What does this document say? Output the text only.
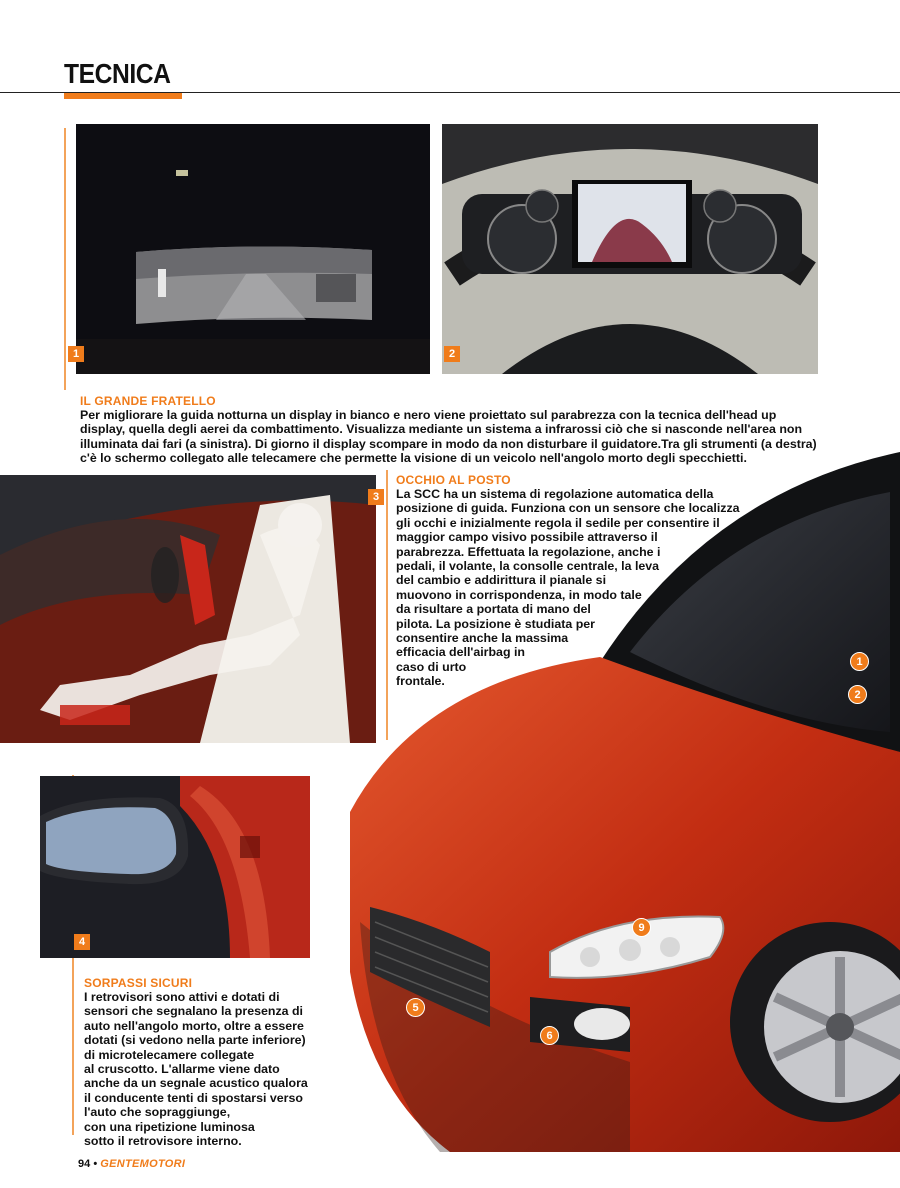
TECNICA
1	2
IL GRANDE FRATELLO
Per migliorare la guida notturna un display in bianco e nero viene proiettato sul parabrezza con la tecnica dell'head up
display, quella degli aerei da combattimento. Visualizza mediante un sistema a infrarossi ciò che si nasconde nell'area non
illuminata dai fari (a sinistra). Di giorno il display scompare in modo da non disturbare il guidatore.Tra gli strumenti (a destra)
c'è lo schermo collegato alle telecamere che permette la visione di un veicolo nell'angolo morto degli specchietti.
3
OCCHIO AL POSTO
La SCC ha un sistema di regolazione automatica della
posizione di guida. Funziona con un sensore che localizza
gli occhi e inizialmente regola il sedile per consentire il
maggior campo visivo possibile attraverso il
parabrezza. Effettuata la regolazione, anche i
pedali, il volante, la consolle centrale, la leva
del cambio e addirittura il pianale si
muovono in corrispondenza, in modo tale
da risultare a portata di mano del
pilota. La posizione è studiata per
consentire anche la massima
efficacia dell'airbag in
caso di urto
frontale.
1
2
9
5
6
4
SORPASSI SICURI
I retrovisori sono attivi e dotati di
sensori che segnalano la presenza di
auto nell'angolo morto, oltre a essere
dotati (si vedono nella parte inferiore)
di microtelecamere collegate
al cruscotto. L'allarme viene dato
anche da un segnale acustico qualora
il conducente tenti di spostarsi verso
l'auto che sopraggiunge,
con una ripetizione luminosa
sotto il retrovisore interno.
94 • GENTEMOTORI
